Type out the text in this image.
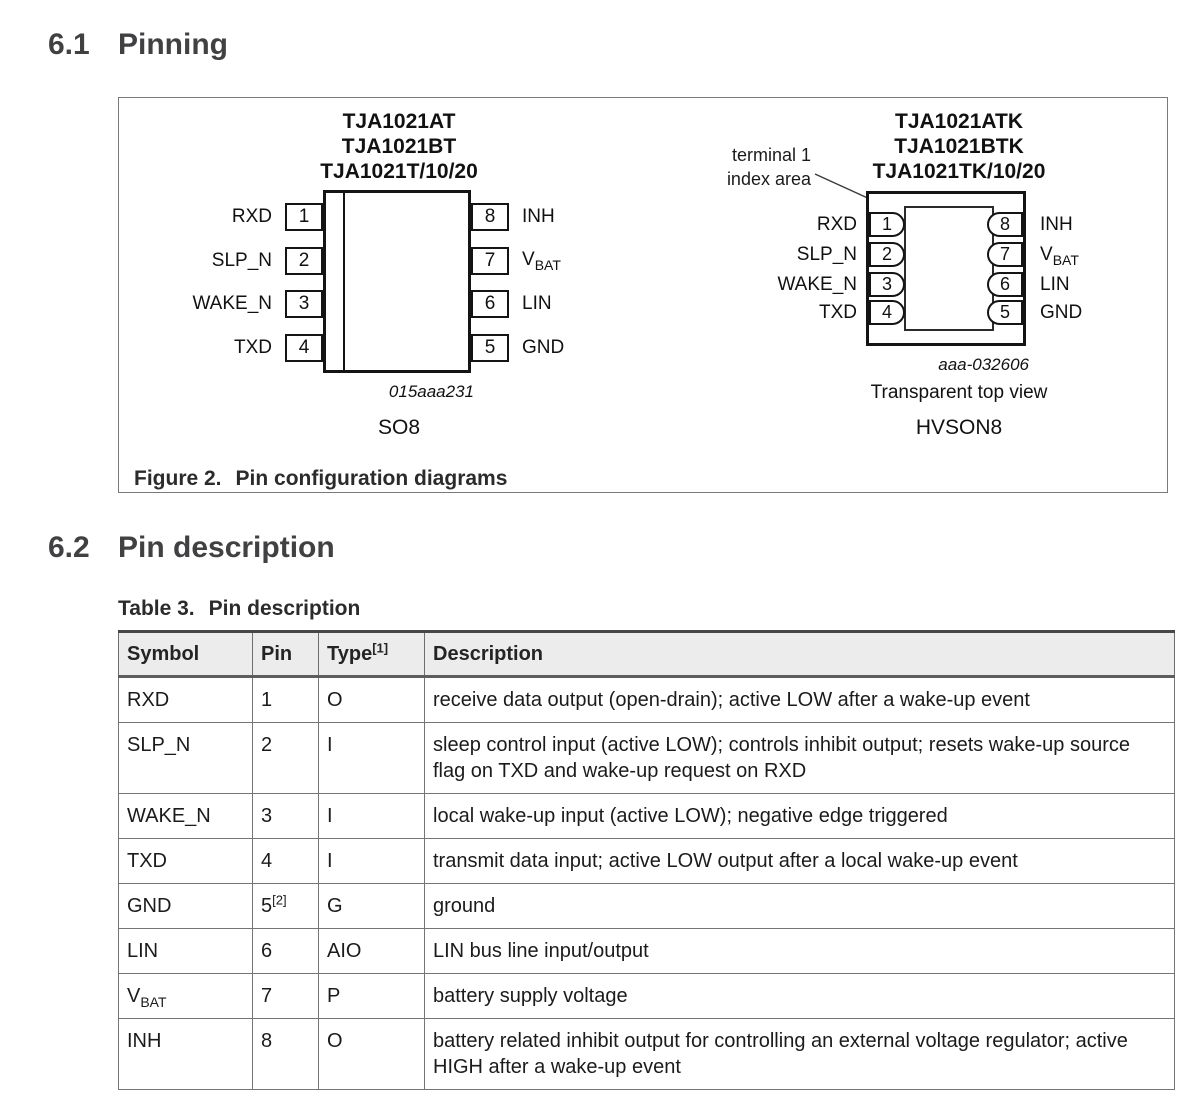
6.1 Pinning
TJA1021AT
TJA1021BT
TJA1021T/10/20
RXD	1
SLP_N	2
WAKE_N	3
TXD	4
8	INH
7	$V_{BAT}$
6	LIN
5	GND
015aaa231
SO8
TJA1021ATK
TJA1021BTK
TJA1021TK/10/20
terminal 1
index area
RXD	1
SLP_N	2
WAKE_N	3
TXD	4
8	INH
7	$V_{BAT}$
6	LIN
5	GND
aaa-032606
Transparent top view
HVSON8
Figure 2. Pin configuration diagrams
6.2 Pin description
Table 3. Pin description
Symbol	Pin	Type[1]	Description
RXD	1	O	receive data output (open-drain); active LOW after a wake-up event
SLP_N	2	I	sleep control input (active LOW); controls inhibit output; resets wake-up source flag on TXD and wake-up request on RXD
WAKE_N	3	I	local wake-up input (active LOW); negative edge triggered
TXD	4	I	transmit data input; active LOW output after a local wake-up event
GND	5[2]	G	ground
LIN	6	AIO	LIN bus line input/output
$V_{BAT}$	7	P	battery supply voltage
INH	8	O	battery related inhibit output for controlling an external voltage regulator; active HIGH after a wake-up event
